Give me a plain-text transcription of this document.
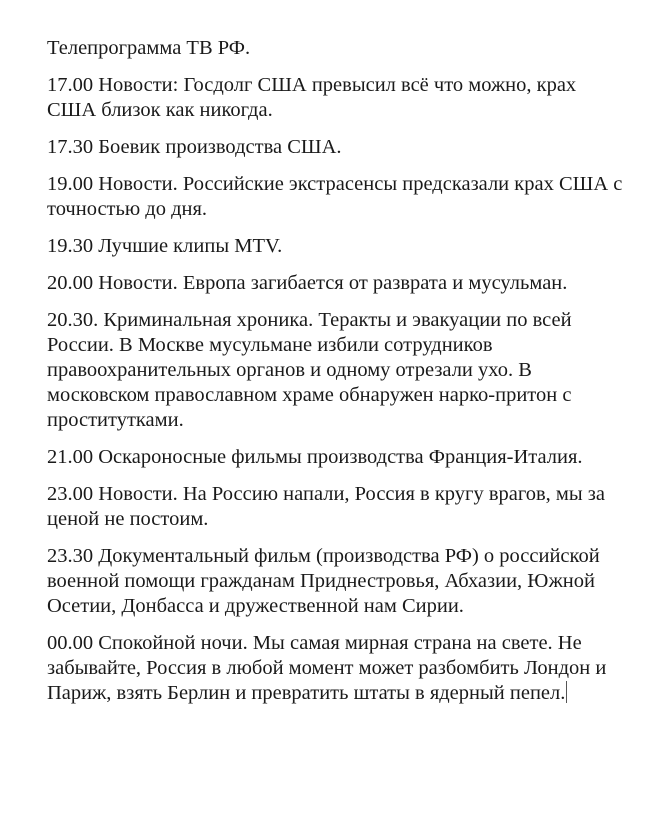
Телепрограмма ТВ РФ.

17.00 Новости: Госдолг США превысил всё что можно, крах США близок как никогда.

17.30 Боевик производства США.

19.00 Новости. Российские экстрасенсы предсказали крах США с точностью до дня.

19.30 Лучшие клипы MTV.

20.00 Новости. Европа загибается от разврата и мусульман.

20.30. Криминальная хроника. Теракты и эвакуации по всей России. В Москве мусульмане избили сотрудников правоохранительных органов и одному отрезали ухо. В московском православном храме обнаружен нарко-притон с проститутками.

21.00 Оскароносные фильмы производства Франция-Италия.

23.00 Новости. На Россию напали, Россия в кругу врагов, мы за ценой не постоим.

23.30 Документальный фильм (производства РФ) о российской военной помощи гражданам Приднестровья, Абхазии, Южной Осетии, Донбасса и дружественной нам Сирии.

00.00 Спокойной ночи. Мы самая мирная страна на свете. Не забывайте, Россия в любой момент может разбомбить Лондон и Париж, взять Берлин и превратить штаты в ядерный пепел.
